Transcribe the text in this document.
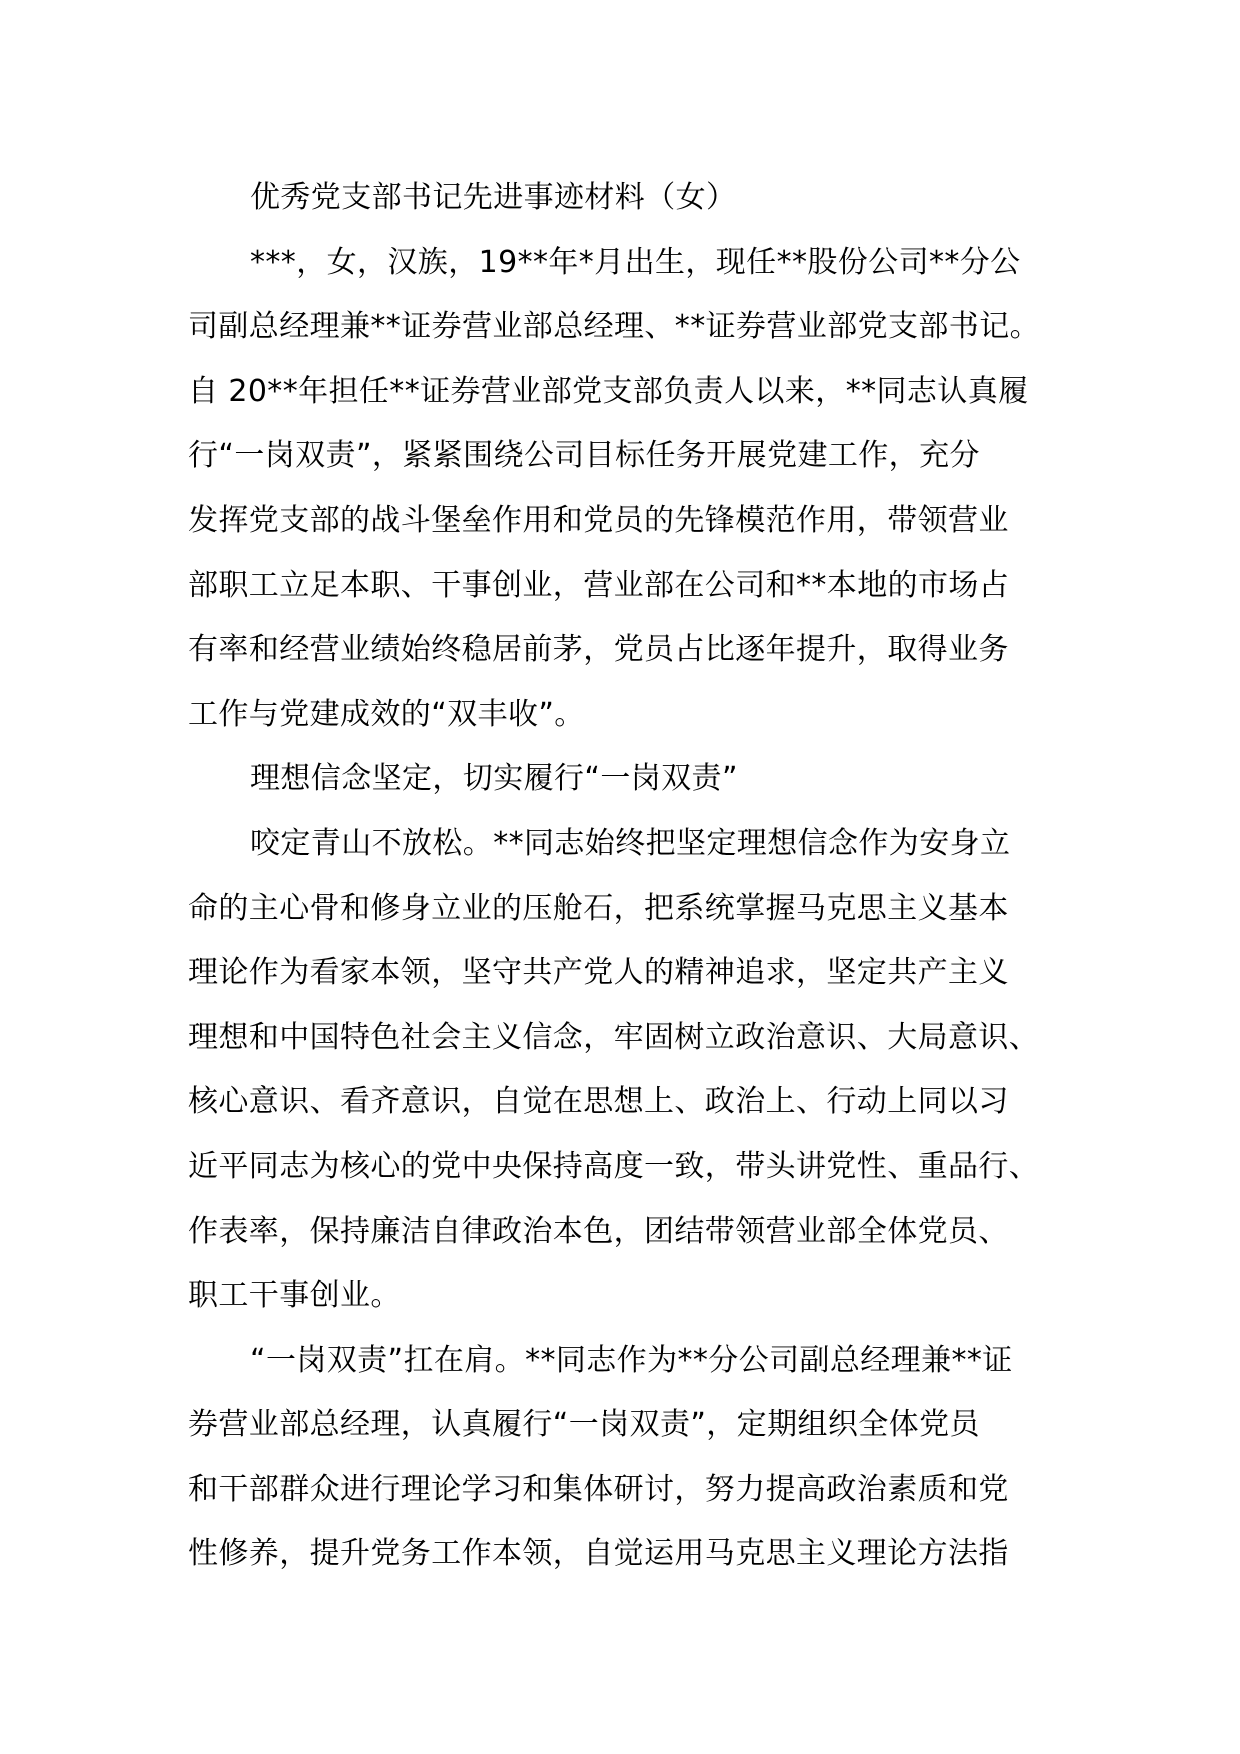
优秀党支部书记先进事迹材料（女）
***，女，汉族，19**年*月出生，现任**股份公司**分公
司副总经理兼**证券营业部总经理、**证券营业部党支部书记。
自 20**年担任**证券营业部党支部负责人以来，**同志认真履
行“一岗双责”，紧紧围绕公司目标任务开展党建工作，充分
发挥党支部的战斗堡垒作用和党员的先锋模范作用，带领营业
部职工立足本职、干事创业，营业部在公司和**本地的市场占
有率和经营业绩始终稳居前茅，党员占比逐年提升，取得业务
工作与党建成效的“双丰收”。
理想信念坚定，切实履行“一岗双责”
咬定青山不放松。**同志始终把坚定理想信念作为安身立
命的主心骨和修身立业的压舱石，把系统掌握马克思主义基本
理论作为看家本领，坚守共产党人的精神追求，坚定共产主义
理想和中国特色社会主义信念，牢固树立政治意识、大局意识、
核心意识、看齐意识，自觉在思想上、政治上、行动上同以习
近平同志为核心的党中央保持高度一致，带头讲党性、重品行、
作表率，保持廉洁自律政治本色，团结带领营业部全体党员、
职工干事创业。
“一岗双责”扛在肩。**同志作为**分公司副总经理兼**证
券营业部总经理，认真履行“一岗双责”，定期组织全体党员
和干部群众进行理论学习和集体研讨，努力提高政治素质和党
性修养，提升党务工作本领，自觉运用马克思主义理论方法指
